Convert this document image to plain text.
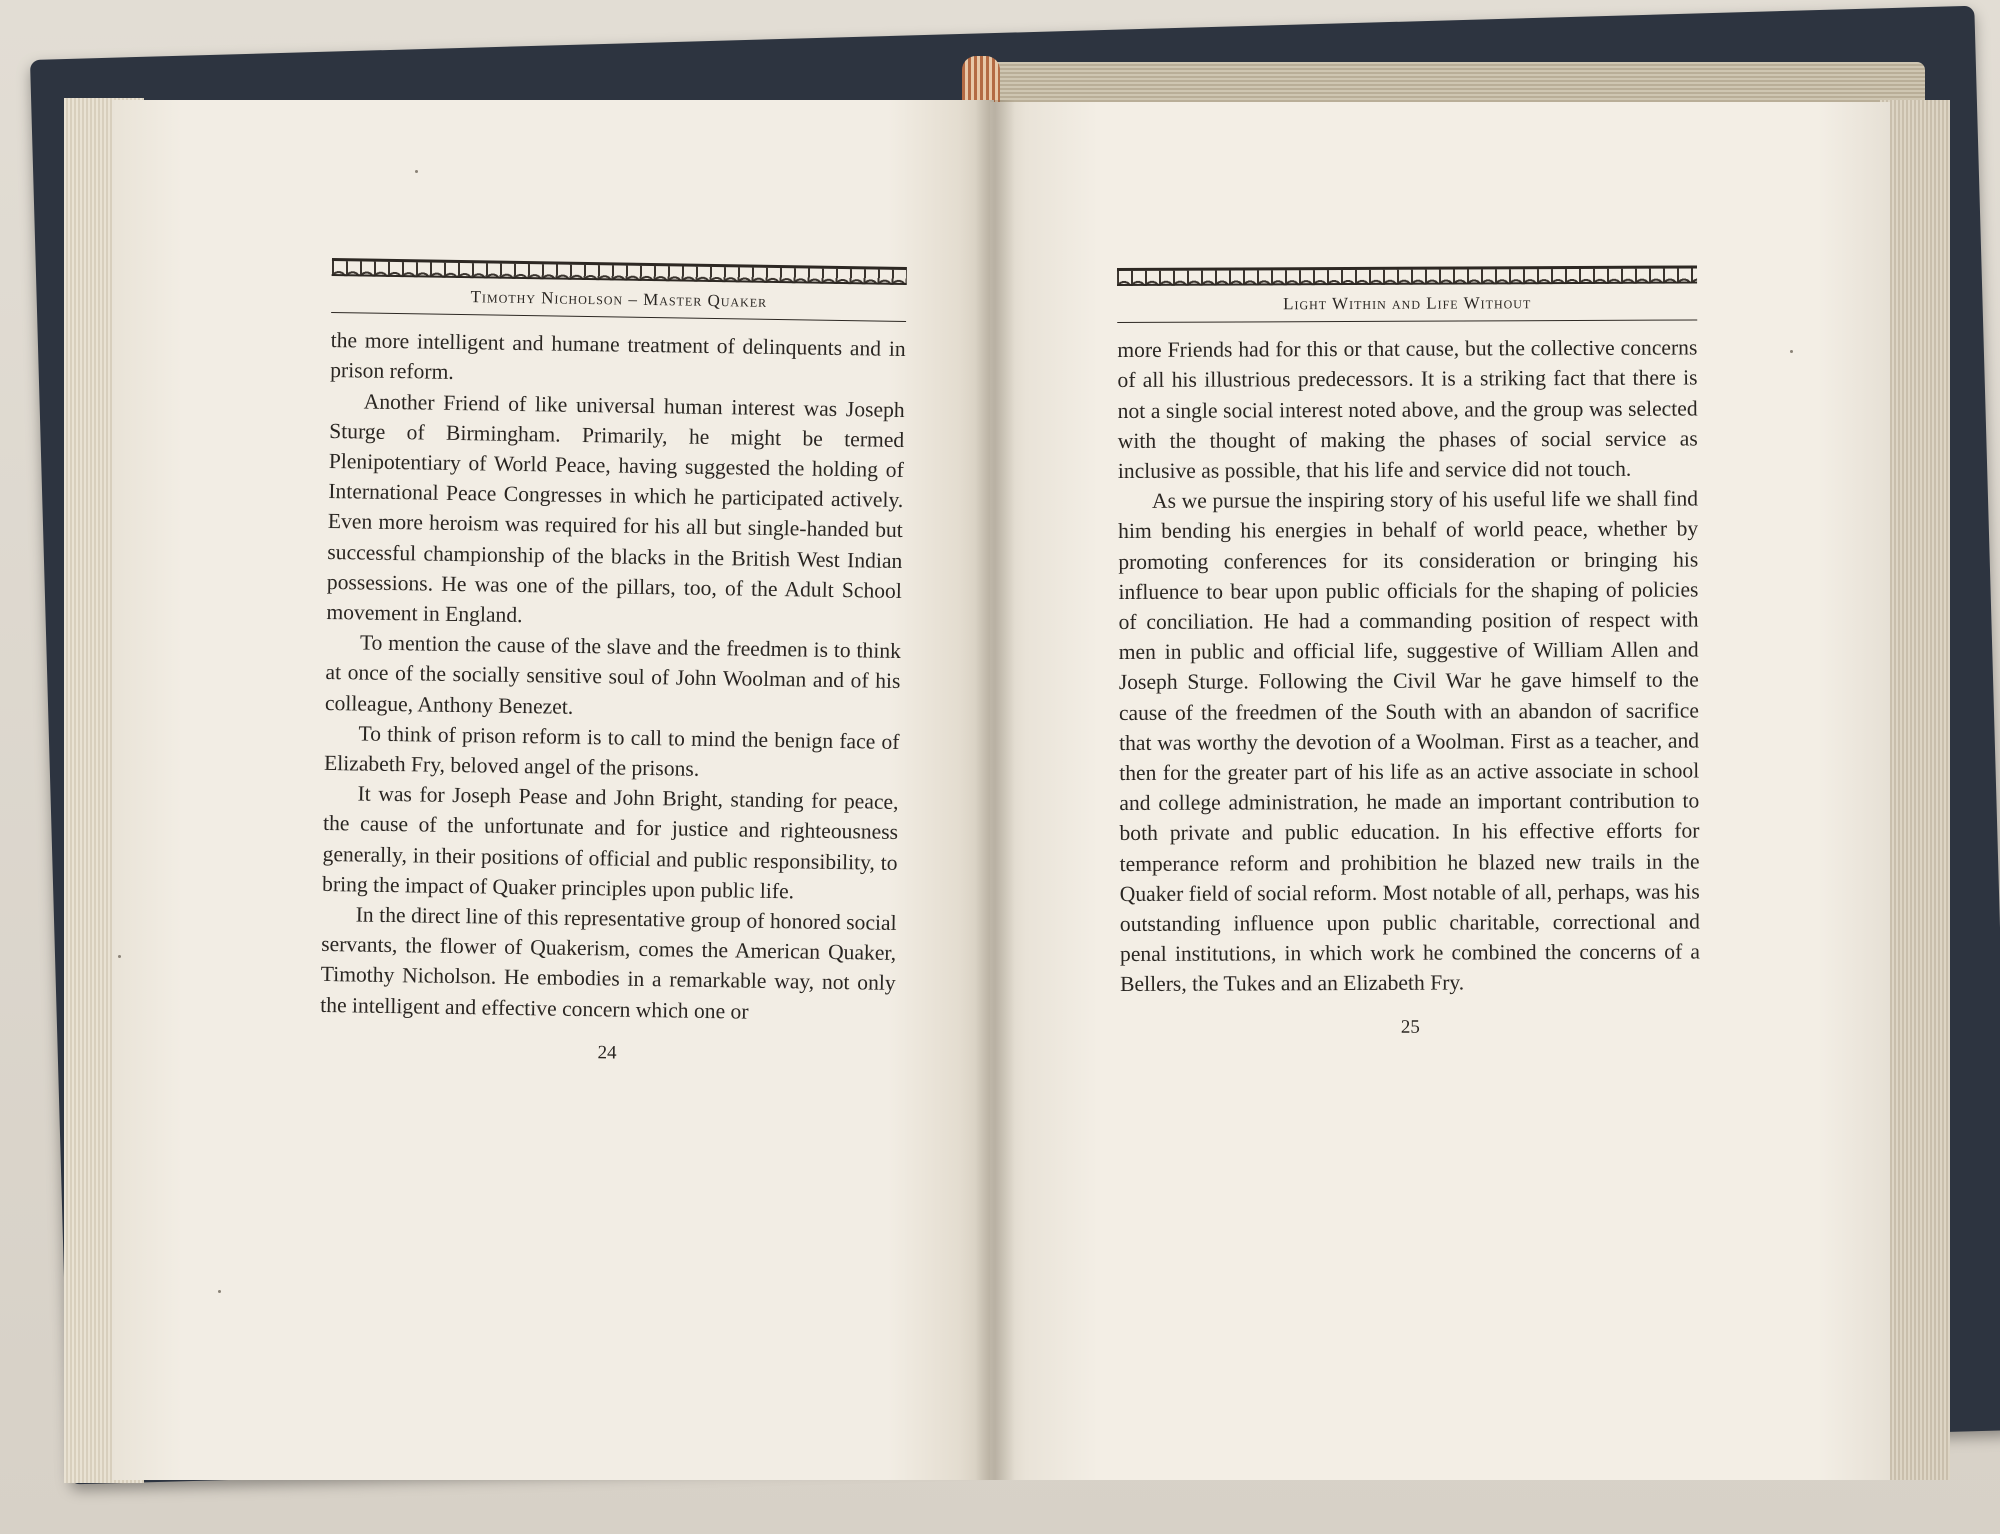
Timothy Nicholson – Master Quaker

the more intelligent and humane treatment of delinquents and in prison reform.

Another Friend of like universal human interest was Joseph Sturge of Birmingham. Primarily, he might be termed Plenipotentiary of World Peace, having suggested the holding of International Peace Congresses in which he participated actively. Even more heroism was required for his all but single-handed but successful championship of the blacks in the British West Indian possessions. He was one of the pillars, too, of the Adult School movement in England.

To mention the cause of the slave and the freedmen is to think at once of the socially sensitive soul of John Woolman and of his colleague, Anthony Benezet.

To think of prison reform is to call to mind the benign face of Elizabeth Fry, beloved angel of the prisons.

It was for Joseph Pease and John Bright, standing for peace, the cause of the unfortunate and for justice and righteousness generally, in their positions of official and public responsibility, to bring the impact of Quaker principles upon public life.

In the direct line of this representative group of honored social servants, the flower of Quakerism, comes the American Quaker, Timothy Nicholson. He embodies in a remarkable way, not only the intelligent and effective concern which one or

24
Light Within and Life Without

more Friends had for this or that cause, but the collective concerns of all his illustrious predecessors. It is a striking fact that there is not a single social interest noted above, and the group was selected with the thought of making the phases of social service as inclusive as possible, that his life and service did not touch.

As we pursue the inspiring story of his useful life we shall find him bending his energies in behalf of world peace, whether by promoting conferences for its consideration or bringing his influence to bear upon public officials for the shaping of policies of conciliation. He had a commanding position of respect with men in public and official life, suggestive of William Allen and Joseph Sturge. Following the Civil War he gave himself to the cause of the freedmen of the South with an abandon of sacrifice that was worthy the devotion of a Woolman. First as a teacher, and then for the greater part of his life as an active associate in school and college administration, he made an important contribution to both private and public education. In his effective efforts for temperance reform and prohibition he blazed new trails in the Quaker field of social reform. Most notable of all, perhaps, was his outstanding influence upon public charitable, correctional and penal institutions, in which work he combined the concerns of a Bellers, the Tukes and an Elizabeth Fry.

25
